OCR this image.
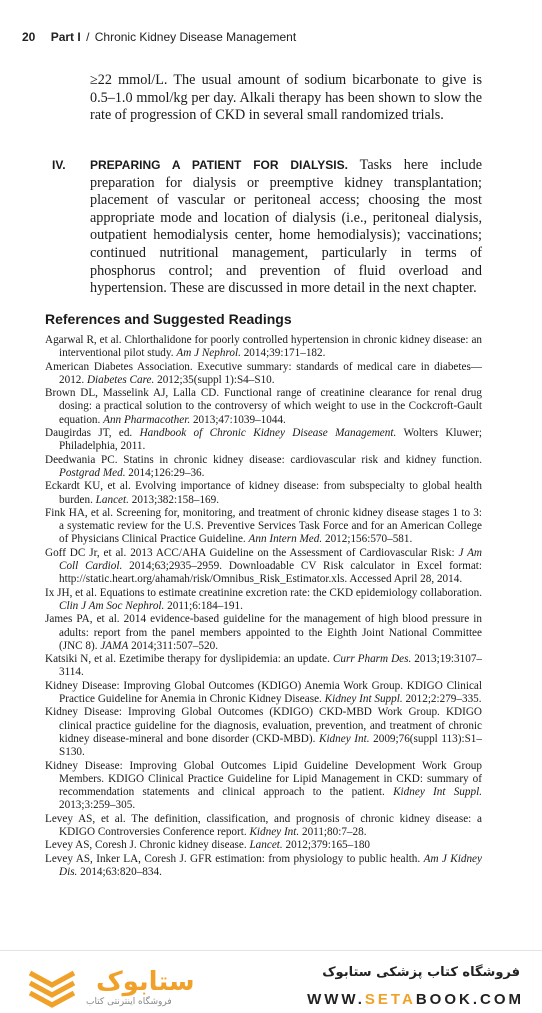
20 Part I / Chronic Kidney Disease Management
≥22 mmol/L. The usual amount of sodium bicarbonate to give is 0.5–1.0 mmol/kg per day. Alkali therapy has been shown to slow the rate of progression of CKD in several small randomized trials.
IV.	PREPARING A PATIENT FOR DIALYSIS. Tasks here include preparation for dialysis or preemptive kidney transplantation; placement of vascular or peritoneal access; choosing the most appropriate mode and location of dialysis (i.e., peritoneal dialysis, outpatient hemodialysis center, home hemodialysis); vaccinations; continued nutritional management, particularly in terms of phosphorus control; and prevention of fluid overload and hypertension. These are discussed in more detail in the next chapter.
References and Suggested Readings
Agarwal R, et al. Chlorthalidone for poorly controlled hypertension in chronic kidney disease: an interventional pilot study. Am J Nephrol. 2014;39:171–182.
American Diabetes Association. Executive summary: standards of medical care in diabetes—2012. Diabetes Care. 2012;35(suppl 1):S4–S10.
Brown DL, Masselink AJ, Lalla CD. Functional range of creatinine clearance for renal drug dosing: a practical solution to the controversy of which weight to use in the Cockcroft-Gault equation. Ann Pharmacother. 2013;47:1039–1044.
Daugirdas JT, ed. Handbook of Chronic Kidney Disease Management. Wolters Kluwer; Philadelphia, 2011.
Deedwania PC. Statins in chronic kidney disease: cardiovascular risk and kidney function. Postgrad Med. 2014;126:29–36.
Eckardt KU, et al. Evolving importance of kidney disease: from subspecialty to global health burden. Lancet. 2013;382:158–169.
Fink HA, et al. Screening for, monitoring, and treatment of chronic kidney disease stages 1 to 3: a systematic review for the U.S. Preventive Services Task Force and for an American College of Physicians Clinical Practice Guideline. Ann Intern Med. 2012;156:570–581.
Goff DC Jr, et al. 2013 ACC/AHA Guideline on the Assessment of Cardiovascular Risk: J Am Coll Cardiol. 2014;63;2935–2959. Downloadable CV Risk calculator in Excel format: http://static.heart.org/ahamah/risk/Omnibus_Risk_Estimator.xls. Accessed April 28, 2014.
Ix JH, et al. Equations to estimate creatinine excretion rate: the CKD epidemiology collaboration. Clin J Am Soc Nephrol. 2011;6:184–191.
James PA, et al. 2014 evidence-based guideline for the management of high blood pressure in adults: report from the panel members appointed to the Eighth Joint National Committee (JNC 8). JAMA 2014;311:507–520.
Katsiki N, et al. Ezetimibe therapy for dyslipidemia: an update. Curr Pharm Des. 2013;19:3107–3114.
Kidney Disease: Improving Global Outcomes (KDIGO) Anemia Work Group. KDIGO Clinical Practice Guideline for Anemia in Chronic Kidney Disease. Kidney Int Suppl. 2012;2:279–335.
Kidney Disease: Improving Global Outcomes (KDIGO) CKD-MBD Work Group. KDIGO clinical practice guideline for the diagnosis, evaluation, prevention, and treatment of chronic kidney disease-mineral and bone disorder (CKD-MBD). Kidney Int. 2009;76(suppl 113):S1–S130.
Kidney Disease: Improving Global Outcomes Lipid Guideline Development Work Group Members. KDIGO Clinical Practice Guideline for Lipid Management in CKD: summary of recommendation statements and clinical approach to the patient. Kidney Int Suppl. 2013;3:259–305.
Levey AS, et al. The definition, classification, and prognosis of chronic kidney disease: a KDIGO Controversies Conference report. Kidney Int. 2011;80:7–28.
Levey AS, Coresh J. Chronic kidney disease. Lancet. 2012;379:165–180
Levey AS, Inker LA, Coresh J. GFR estimation: from physiology to public health. Am J Kidney Dis. 2014;63:820–834.
ستابوک
فروشگاه اینترنتی کتاب
فروشگاه کتاب پزشکی ستابوک
WWW.SETABOOK.COM
